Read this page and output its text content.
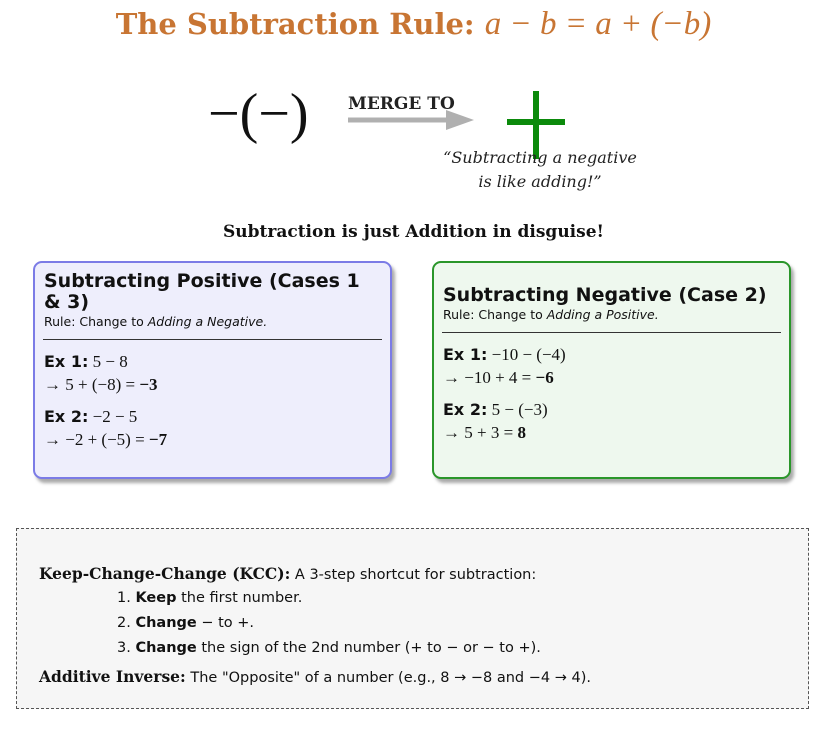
The Subtraction Rule: a − b = a + (−b)
−(−) MERGE TO
“Subtracting a negative
is like adding!”
Subtraction is just Addition in disguise!
Subtracting Positive (Cases 1 & 3)
Rule: Change to Adding a Negative.
Ex 1: 5 − 8
→ 5 + (−8) = −3
Ex 2: −2 − 5
→ −2 + (−5) = −7
Subtracting Negative (Case 2)
Rule: Change to Adding a Positive.
Ex 1: −10 − (−4)
→ −10 + 4 = −6
Ex 2: 5 − (−3)
→ 5 + 3 = 8
Keep-Change-Change (KCC): A 3-step shortcut for subtraction:
1. Keep the first number.
2. Change − to +.
3. Change the sign of the 2nd number (+ to − or − to +).
Additive Inverse: The "Opposite" of a number (e.g., 8 → −8 and −4 → 4).
